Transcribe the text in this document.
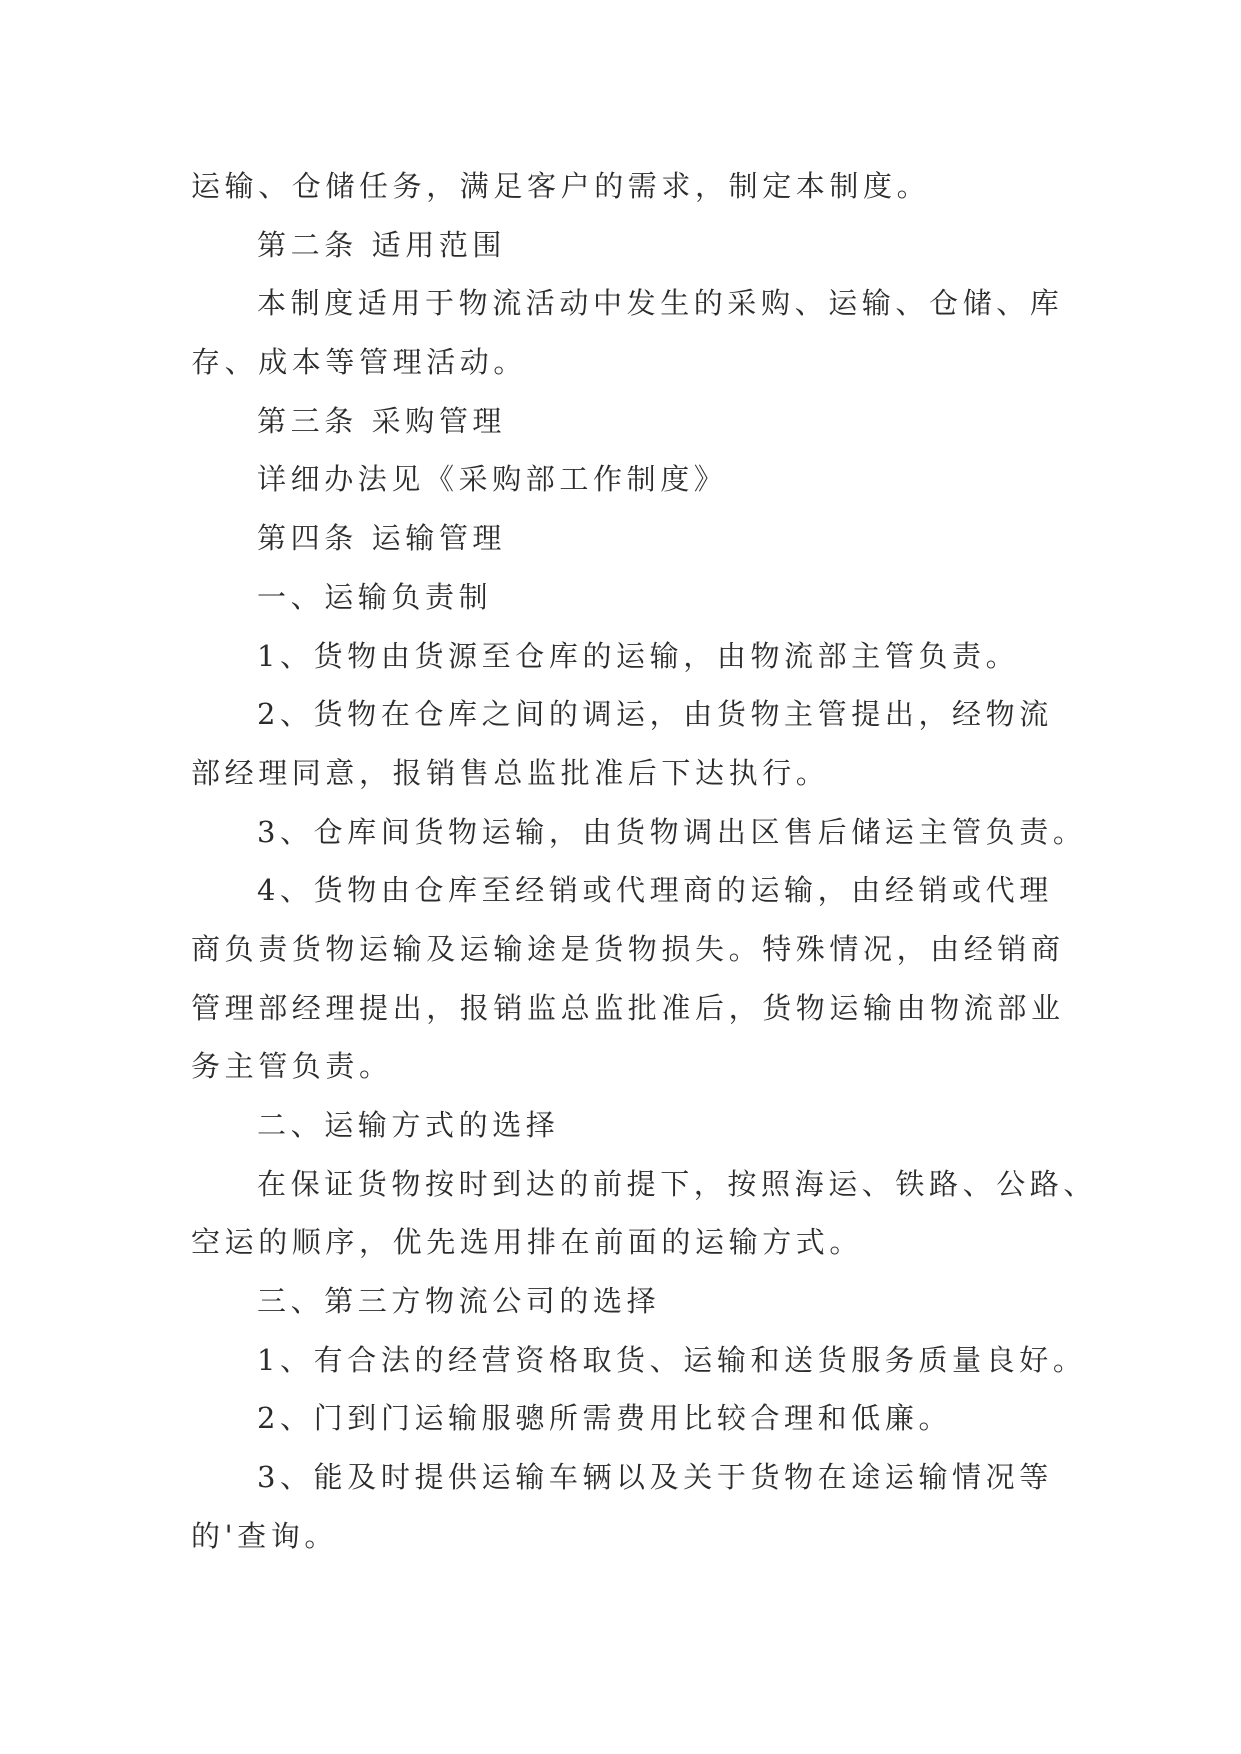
运输、仓储任务，满足客户的需求，制定本制度。
第二条 适用范围
本制度适用于物流活动中发生的采购、运输、仓储、库
存、成本等管理活动。
第三条 采购管理
详细办法见《采购部工作制度》
第四条 运输管理
一、运输负责制
1、货物由货源至仓库的运输，由物流部主管负责。
2、货物在仓库之间的调运，由货物主管提出，经物流
部经理同意，报销售总监批准后下达执行。
3、仓库间货物运输，由货物调出区售后储运主管负责。
4、货物由仓库至经销或代理商的运输，由经销或代理
商负责货物运输及运输途是货物损失。特殊情况，由经销商
管理部经理提出，报销监总监批准后，货物运输由物流部业
务主管负责。
二、运输方式的选择
在保证货物按时到达的前提下，按照海运、铁路、公路、
空运的顺序，优先选用排在前面的运输方式。
三、第三方物流公司的选择
1、有合法的经营资格取货、运输和送货服务质量良好。
2、门到门运输服骢所需费用比较合理和低廉。
3、能及时提供运输车辆以及关于货物在途运输情况等
的'查询。
